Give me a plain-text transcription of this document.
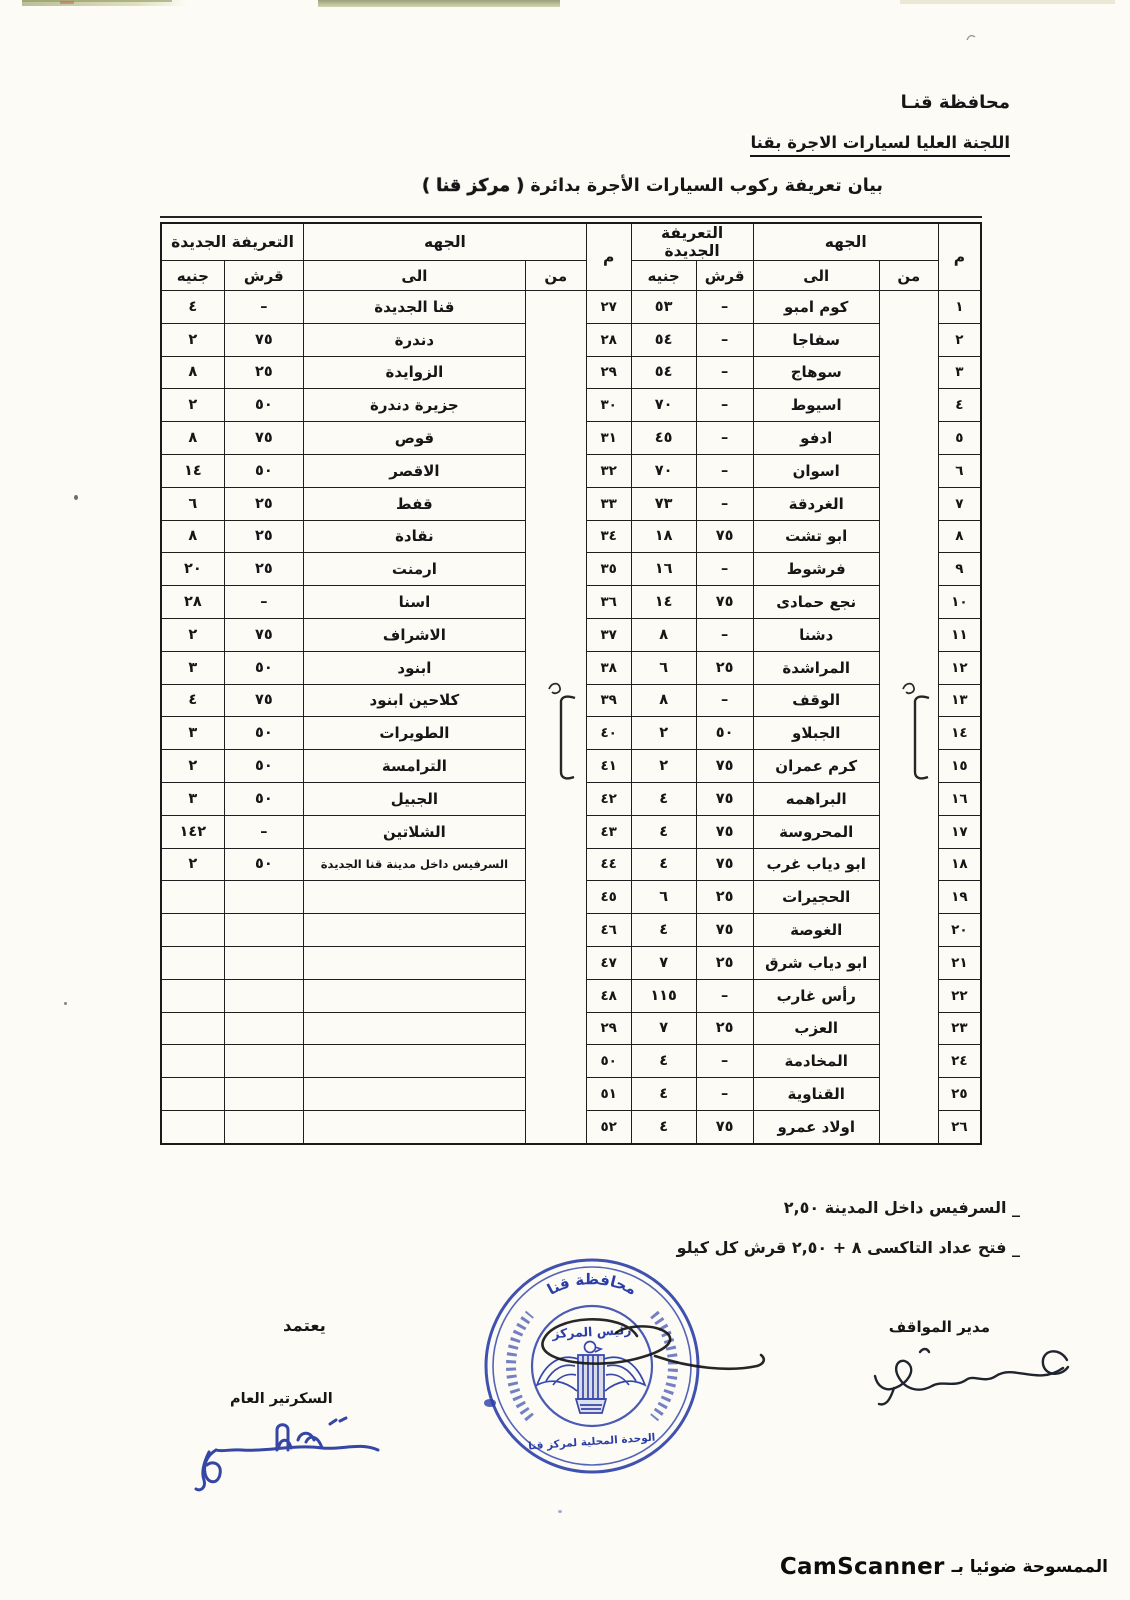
محافظة قنـا
اللجنة العليا لسيارات الاجرة بقنا
بيان تعريفة ركوب السيارات الأجرة بدائرة ( مركز قنا )
م	الجهه		التعريفة الجديدة		م	الجهه		التعريفة الجديدة	
	من	الى	قرش	جنيه		من	الى	قرش	جنيه
١		كوم امبو	–	٥٣	٢٧		قنا الجديدة	–	٤
٢		سفاجا	–	٥٤	٢٨		دندرة	٧٥	٢
٣		سوهاج	–	٥٤	٢٩		الزوايدة	٢٥	٨
٤		اسيوط	–	٧٠	٣٠		جزيرة دندرة	٥٠	٢
٥		ادفو	–	٤٥	٣١		قوص	٧٥	٨
٦		اسوان	–	٧٠	٣٢		الاقصر	٥٠	١٤
٧		الغردقة	–	٧٣	٣٣		قفط	٢٥	٦
٨		ابو تشت	٧٥	١٨	٣٤		نقادة	٢٥	٨
٩		فرشوط	–	١٦	٣٥		ارمنت	٢٥	٢٠
١٠		نجع حمادى	٧٥	١٤	٣٦		اسنا	–	٢٨
١١		دشنا	–	٨	٣٧		الاشراف	٧٥	٢
١٢		المراشدة	٢٥	٦	٣٨		ابنود	٥٠	٣
١٣		الوقف	–	٨	٣٩		كلاحين ابنود	٧٥	٤
١٤		الجبلاو	٥٠	٢	٤٠		الطويرات	٥٠	٣
١٥		كرم عمران	٧٥	٢	٤١		الترامسة	٥٠	٢
١٦		البراهمه	٧٥	٤	٤٢		الجبيل	٥٠	٣
١٧		المحروسة	٧٥	٤	٤٣		الشلاتين	–	١٤٢
١٨		ابو دياب غرب	٧٥	٤	٤٤		السرفيس داخل مدينة قنا الجديدة	٥٠	٢
١٩		الحجيرات	٢٥	٦	٤٥				
٢٠		الغوصة	٧٥	٤	٤٦				
٢١		ابو دياب شرق	٢٥	٧	٤٧				
٢٢		رأس غارب	–	١١٥	٤٨				
٢٣		العزب	٢٥	٧	٢٩				
٢٤		المخادمة	–	٤	٥٠				
٢٥		القناوية	–	٤	٥١				
٢٦		اولاد عمرو	٧٥	٤	٥٢				
_ السرفيس داخل المدينة ٢,٥٠
_ فتح عداد التاكسى ٨ + ٢,٥٠ قرش كل كيلو
مدير المواقف
يعتمد
السكرتير العام
محافظة قنا
رئيس المركز
الوحدة المحلية لمركز قنا
الممسوحة ضوئيا بـ
CamScanner
